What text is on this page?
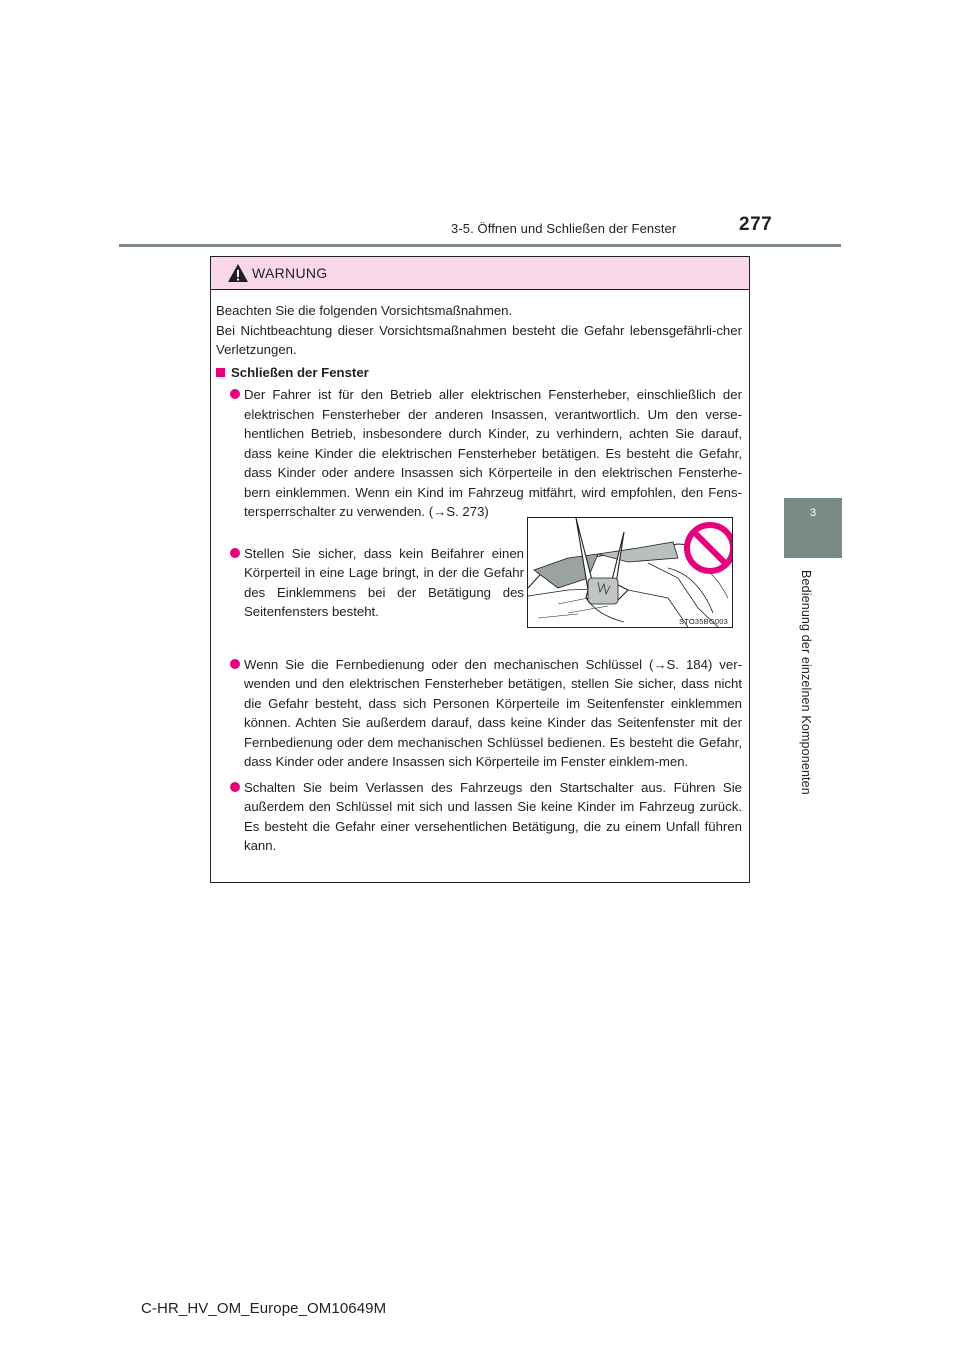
3-5. Öffnen und Schließen der Fenster	277
3
Bedienung der einzelnen Komponenten
WARNUNG

Beachten Sie die folgenden Vorsichtsmaßnahmen.

Bei Nichtbeachtung dieser Vorsichtsmaßnahmen besteht die Gefahr lebensgefährli-cher Verletzungen.

Schließen der Fenster

Der Fahrer ist für den Betrieb aller elektrischen Fensterheber, einschließlich der elektrischen Fensterheber der anderen Insassen, verantwortlich. Um den verse-hentlichen Betrieb, insbesondere durch Kinder, zu verhindern, achten Sie darauf, dass keine Kinder die elektrischen Fensterheber betätigen. Es besteht die Gefahr, dass Kinder oder andere Insassen sich Körperteile in den elektrischen Fensterhe-bern einklemmen. Wenn ein Kind im Fahrzeug mitfährt, wird empfohlen, den Fens-tersperrschalter zu verwenden. (→S. 273)

Stellen Sie sicher, dass kein Beifahrer einen Körperteil in eine Lage bringt, in der die Gefahr des Einklemmens bei der Betätigung des Seitenfensters besteht.

Wenn Sie die Fernbedienung oder den mechanischen Schlüssel (→S. 184) ver-wenden und den elektrischen Fensterheber betätigen, stellen Sie sicher, dass nicht die Gefahr besteht, dass sich Personen Körperteile im Seitenfenster einklemmen können. Achten Sie außerdem darauf, dass keine Kinder das Seitenfenster mit der Fernbedienung oder dem mechanischen Schlüssel bedienen. Es besteht die Gefahr, dass Kinder oder andere Insassen sich Körperteile im Fenster einklem-men.

Schalten Sie beim Verlassen des Fahrzeugs den Startschalter aus. Führen Sie außerdem den Schlüssel mit sich und lassen Sie keine Kinder im Fahrzeug zurück. Es besteht die Gefahr einer versehentlichen Betätigung, die zu einem Unfall führen kann.

STO35BG003
C-HR_HV_OM_Europe_OM10649M
